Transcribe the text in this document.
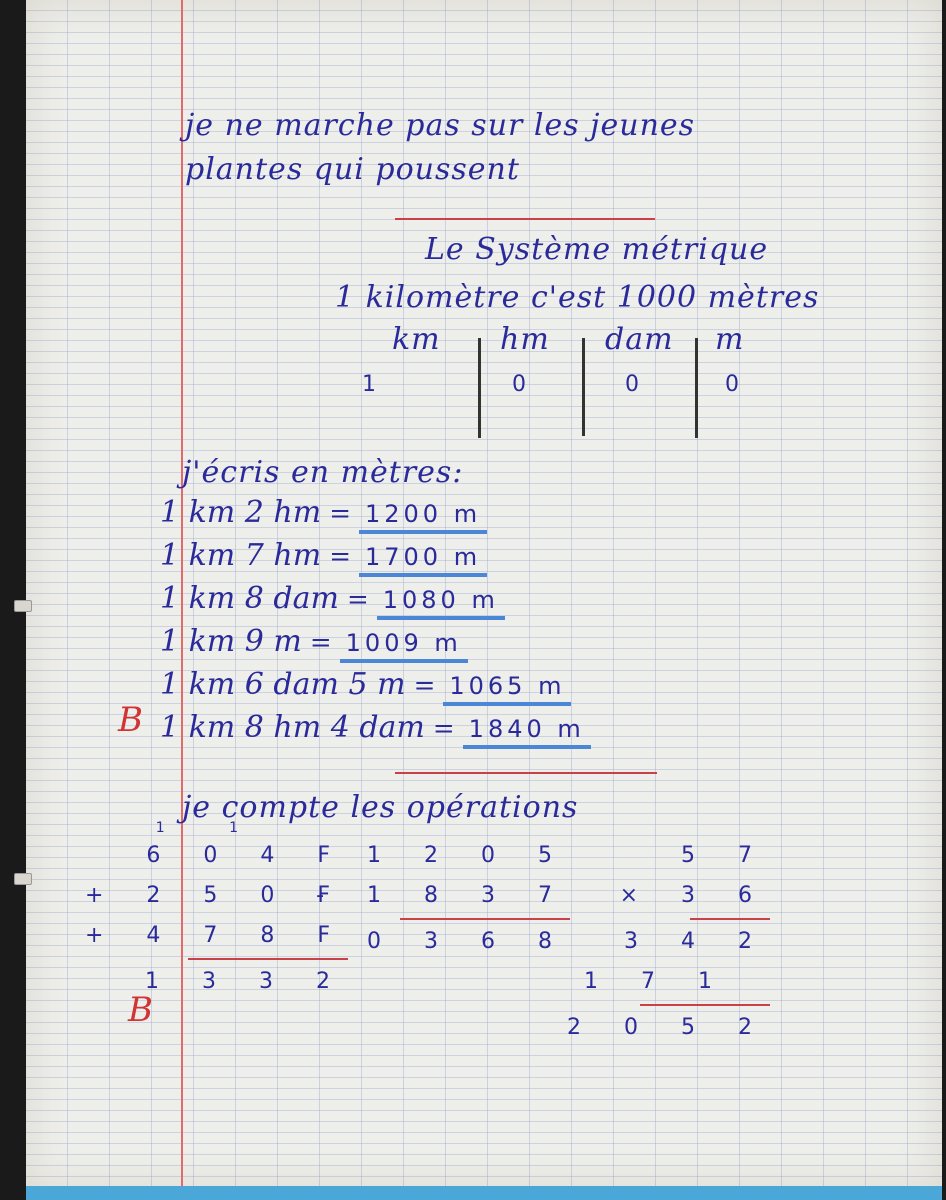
je ne marche pas sur les jeunes
plantes qui poussent
Le Système métrique
1 kilomètre c'est 1000 mètres
km hm dam m
1	0	0	0
j'écris en mètres:
1 km 2 hm = 1200 m
1 km 7 hm = 1700 m
1 km 8 dam = 1080 m
1 km 9 m = 1009 m
1 km 6 dam 5 m = 1065 m
1 km 8 hm 4 dam = 1840 m
B
je compte les opérations
1 1
6 0 4 F
+ 2 5 0 F
+ 4 7 8 F
1 3 3 2
1 2 0 5
- 1 8 3 7
0 3 6 8
5 7
× 3 6
3 4 2
1 7 1
2 0 5 2
B
